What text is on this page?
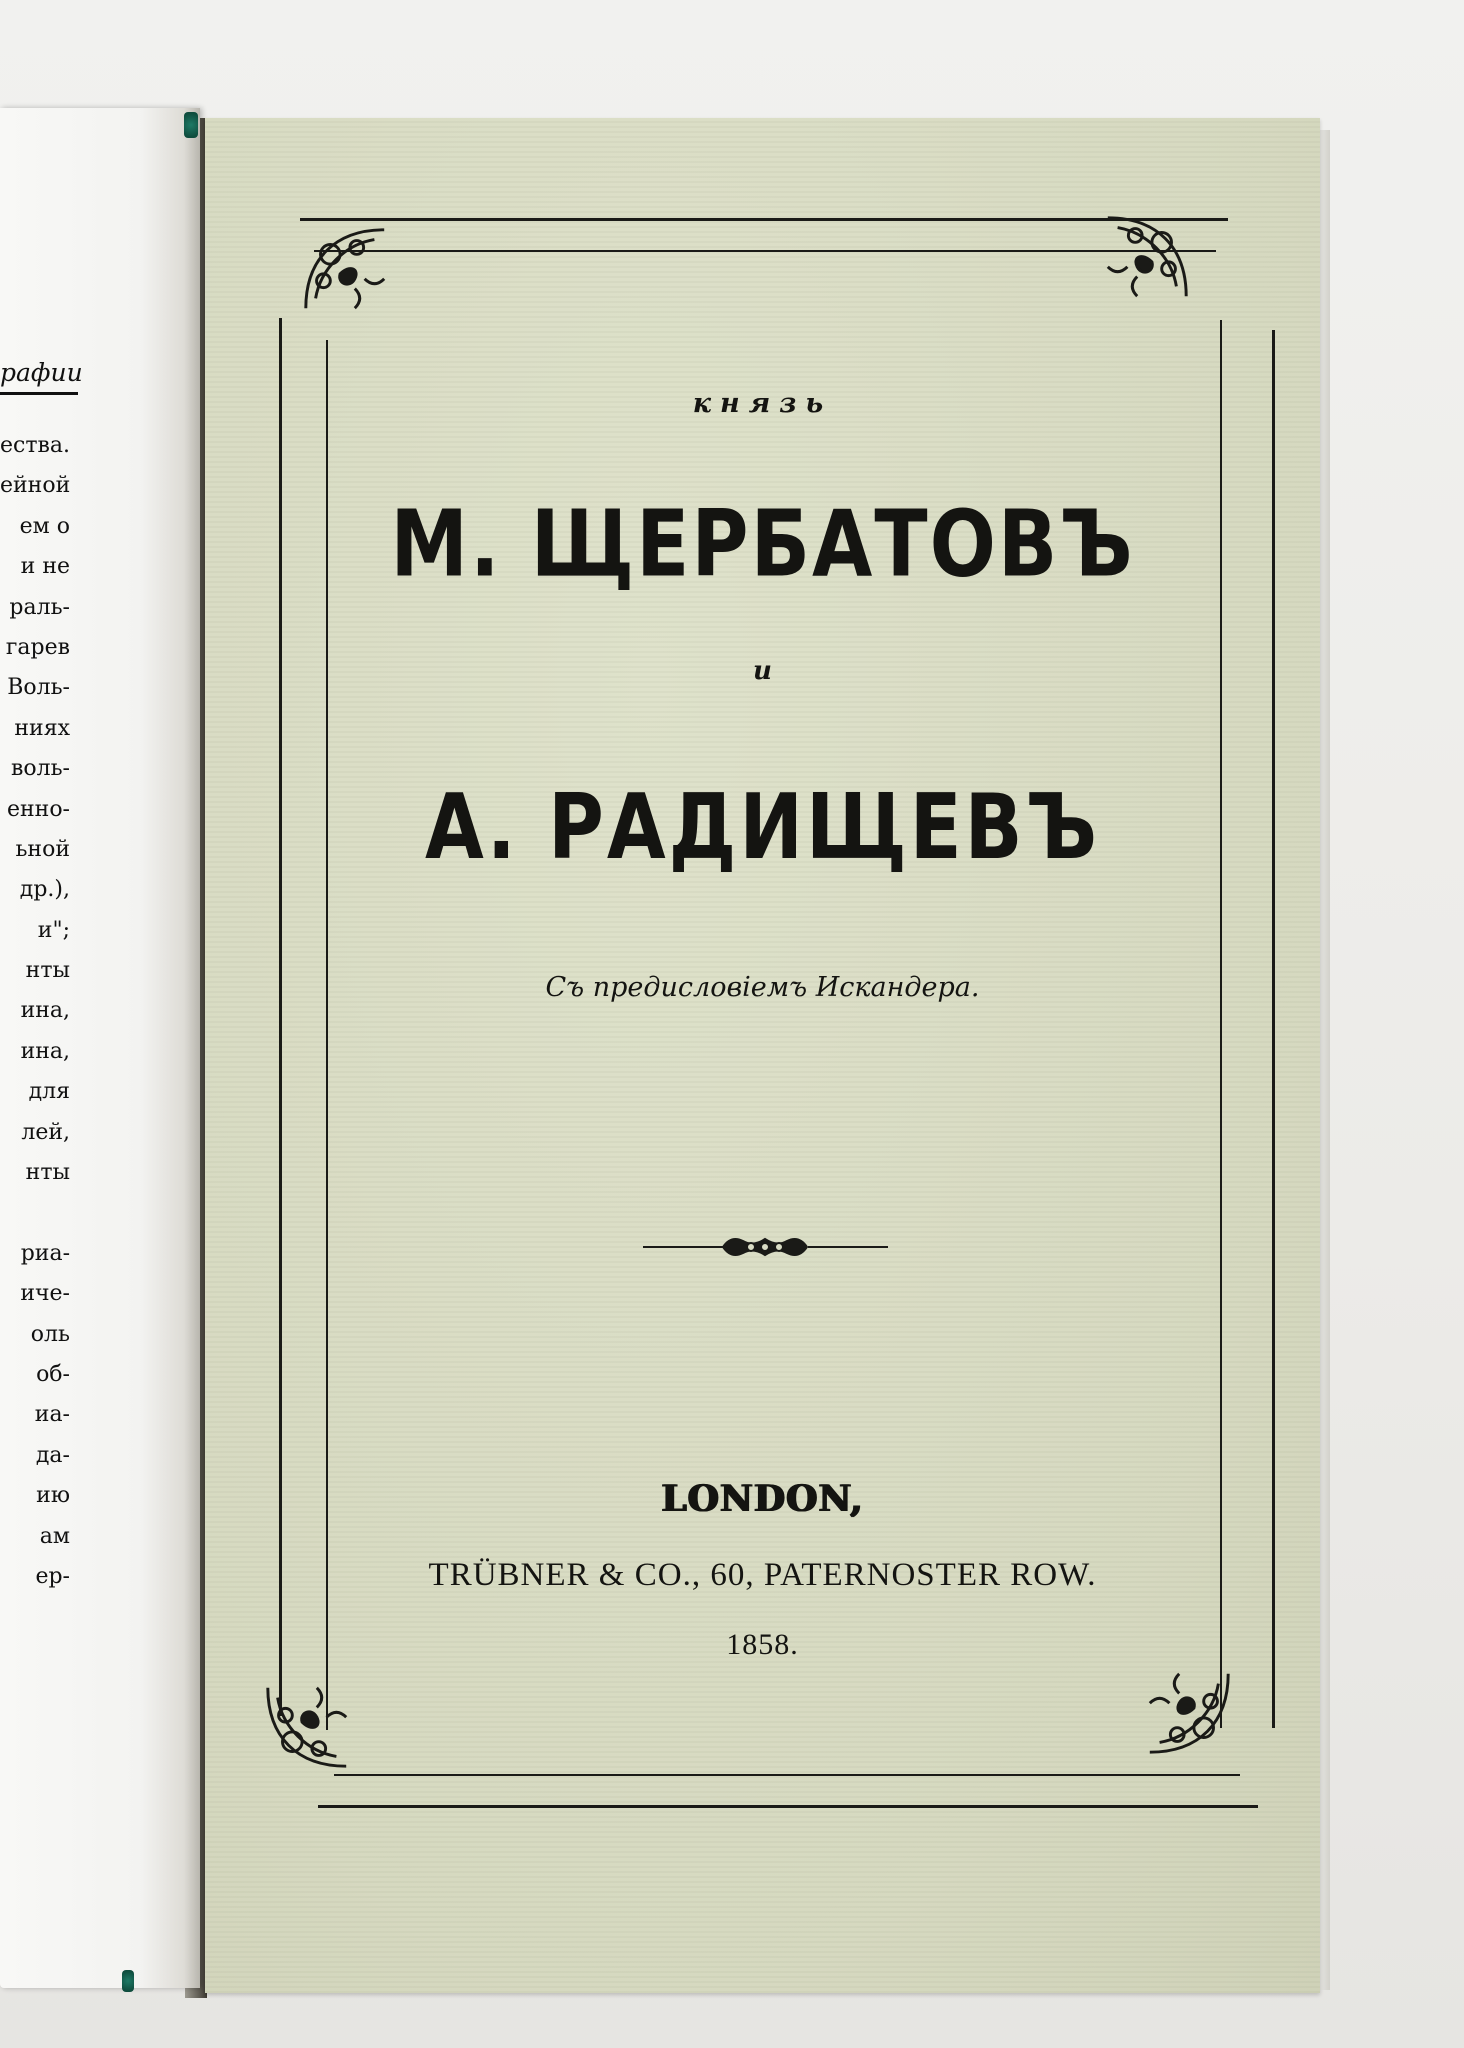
рафии
ества.
ейной
ем о
и не
раль-
гарев
Воль-
ниях
воль-
енно-
ьной
др.),
и";
нты
ина,
ина,
для
лей,
нты
риа-
иче-
оль
об-
иа-
да-
ию
ам
ер-
князь
М. ЩЕРБАТОВЪ
и
А. РАДИЩЕВЪ
Съ предисловіемъ Искандера.
LONDON,
TRÜBNER & CO., 60, PATERNOSTER ROW.
1858.
